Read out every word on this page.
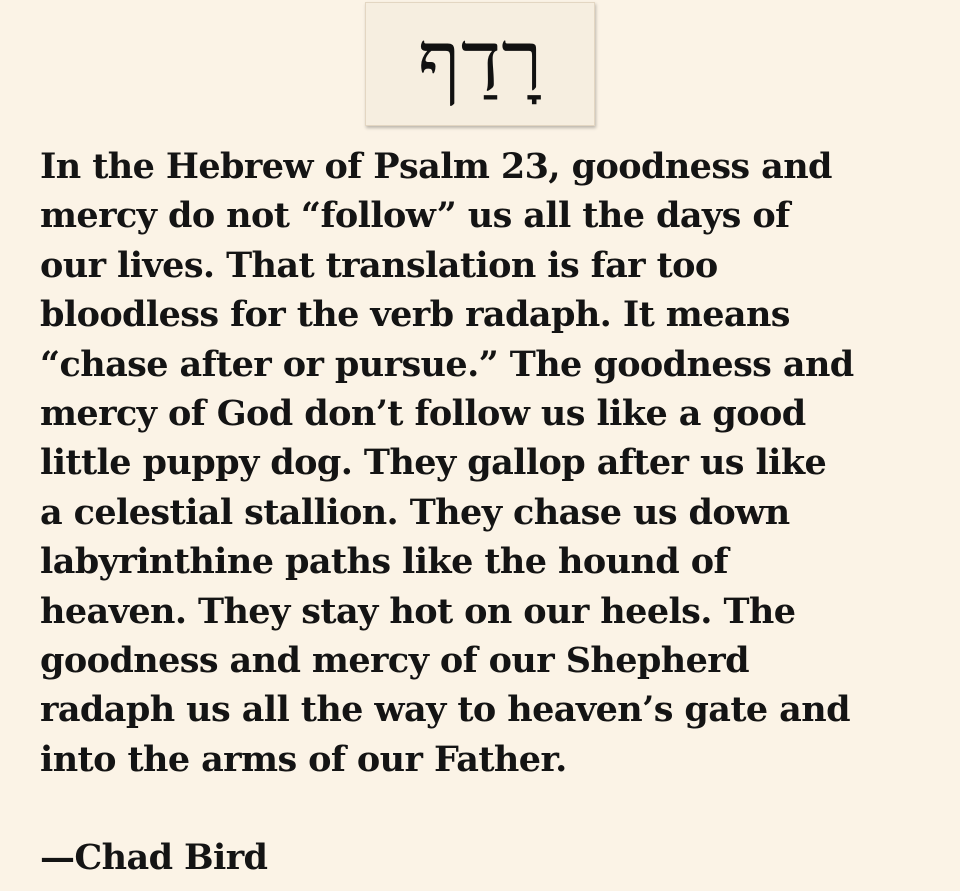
רָדַף

In the Hebrew of Psalm 23, goodness and
mercy do not “follow” us all the days of
our lives. That translation is far too
bloodless for the verb radaph. It means
“chase after or pursue.” The goodness and
mercy of God don’t follow us like a good
little puppy dog. They gallop after us like
a celestial stallion. They chase us down
labyrinthine paths like the hound of
heaven. They stay hot on our heels. The
goodness and mercy of our Shepherd
radaph us all the way to heaven’s gate and
into the arms of our Father.

—Chad Bird
